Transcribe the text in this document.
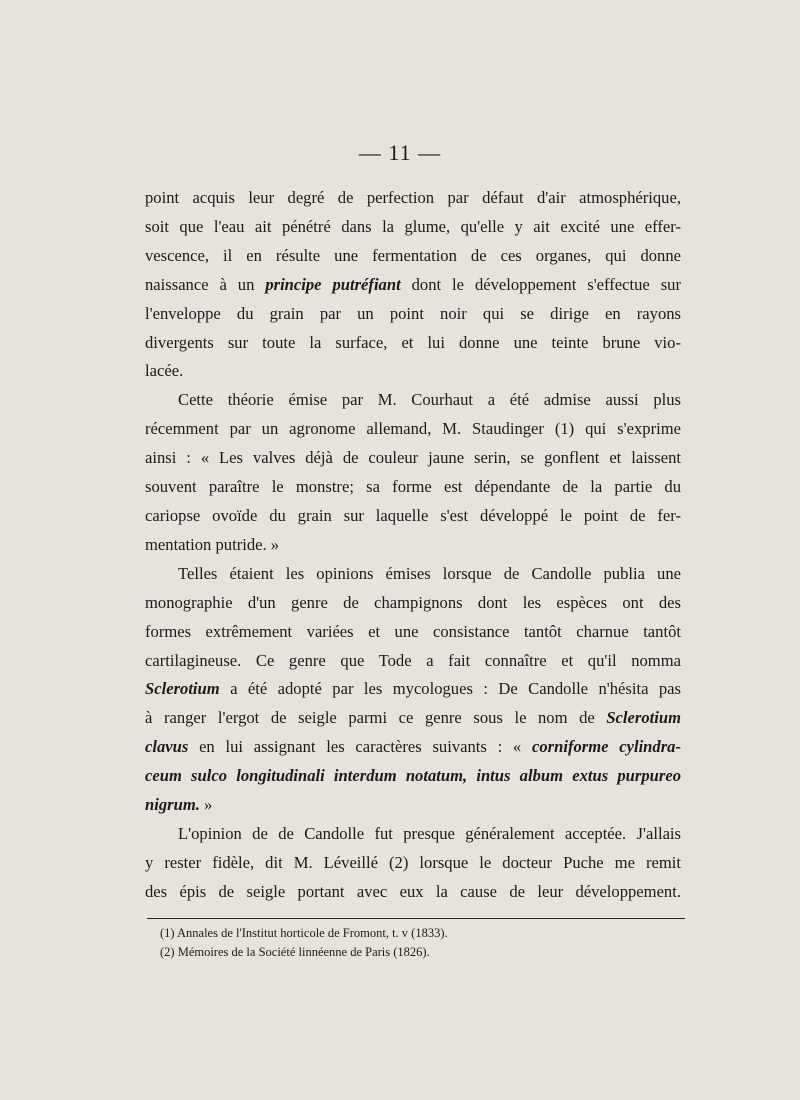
— 11 —
point acquis leur degré de perfection par défaut d'air atmosphérique,
soit que l'eau ait pénétré dans la glume, qu'elle y ait excité une effer-
vescence, il en résulte une fermentation de ces organes, qui donne
naissance à un principe putréfiant dont le développement s'effectue sur
l'enveloppe du grain par un point noir qui se dirige en rayons
divergents sur toute la surface, et lui donne une teinte brune vio-
lacée.
Cette théorie émise par M. Courhaut a été admise aussi plus
récemment par un agronome allemand, M. Staudinger (1) qui s'exprime
ainsi : « Les valves déjà de couleur jaune serin, se gonflent et laissent
souvent paraître le monstre; sa forme est dépendante de la partie du
cariopse ovoïde du grain sur laquelle s'est développé le point de fer-
mentation putride. »
Telles étaient les opinions émises lorsque de Candolle publia une
monographie d'un genre de champignons dont les espèces ont des
formes extrêmement variées et une consistance tantôt charnue tantôt
cartilagineuse. Ce genre que Tode a fait connaître et qu'il nomma
Sclerotium a été adopté par les mycologues : De Candolle n'hésita pas
à ranger l'ergot de seigle parmi ce genre sous le nom de Sclerotium
clavus en lui assignant les caractères suivants : « corniforme cylindra-
ceum sulco longitudinali interdum notatum, intus album extus purpureo
nigrum. »
L'opinion de de Candolle fut presque généralement acceptée. J'allais
y rester fidèle, dit M. Léveillé (2) lorsque le docteur Puche me remit
des épis de seigle portant avec eux la cause de leur développement.
(1) Annales de l'Institut horticole de Fromont, t. v (1833).
(2) Mémoires de la Société linnéenne de Paris (1826).
